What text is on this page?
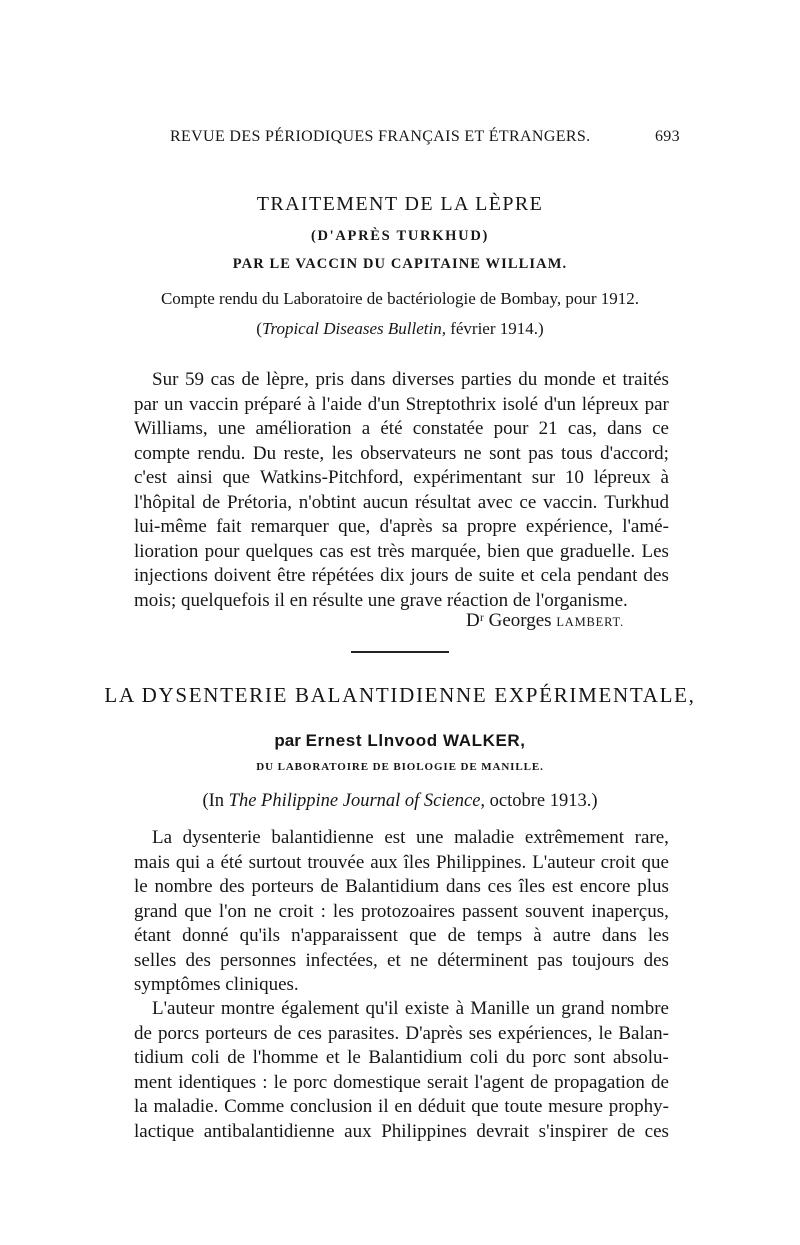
REVUE DES PÉRIODIQUES FRANÇAIS ET ÉTRANGERS.	693
TRAITEMENT DE LA LÈPRE
(D'APRÈS TURKHUD)
PAR LE VACCIN DU CAPITAINE WILLIAM.
Compte rendu du Laboratoire de bactériologie de Bombay, pour 1912.
(Tropical Diseases Bulletin, février 1914.)
Sur 59 cas de lèpre, pris dans diverses parties du monde et traités
par un vaccin préparé à l'aide d'un Streptothrix isolé d'un lépreux par
Williams, une amélioration a été constatée pour 21 cas, dans ce
compte rendu. Du reste, les observateurs ne sont pas tous d'accord;
c'est ainsi que Watkins-Pitchford, expérimentant sur 10 lépreux à
l'hôpital de Prétoria, n'obtint aucun résultat avec ce vaccin. Turkhud
lui-même fait remarquer que, d'après sa propre expérience, l'amé-
lioration pour quelques cas est très marquée, bien que graduelle. Les
injections doivent être répétées dix jours de suite et cela pendant des
mois; quelquefois il en résulte une grave réaction de l'organisme.
Dʳ Georges LAMBERT.
LA DYSENTERIE BALANTIDIENNE EXPÉRIMENTALE,
par Ernest Llnvood WALKER,
DU LABORATOIRE DE BIOLOGIE DE MANILLE.
(In The Philippine Journal of Science, octobre 1913.)
La dysenterie balantidienne est une maladie extrêmement rare,
mais qui a été surtout trouvée aux îles Philippines. L'auteur croit que
le nombre des porteurs de Balantidium dans ces îles est encore plus
grand que l'on ne croit : les protozoaires passent souvent inaperçus,
étant donné qu'ils n'apparaissent que de temps à autre dans les
selles des personnes infectées, et ne déterminent pas toujours des
symptômes cliniques.
L'auteur montre également qu'il existe à Manille un grand nombre
de porcs porteurs de ces parasites. D'après ses expériences, le Balan-
tidium coli de l'homme et le Balantidium coli du porc sont absolu-
ment identiques : le porc domestique serait l'agent de propagation de
la maladie. Comme conclusion il en déduit que toute mesure prophy-
lactique antibalantidienne aux Philippines devrait s'inspirer de ces
